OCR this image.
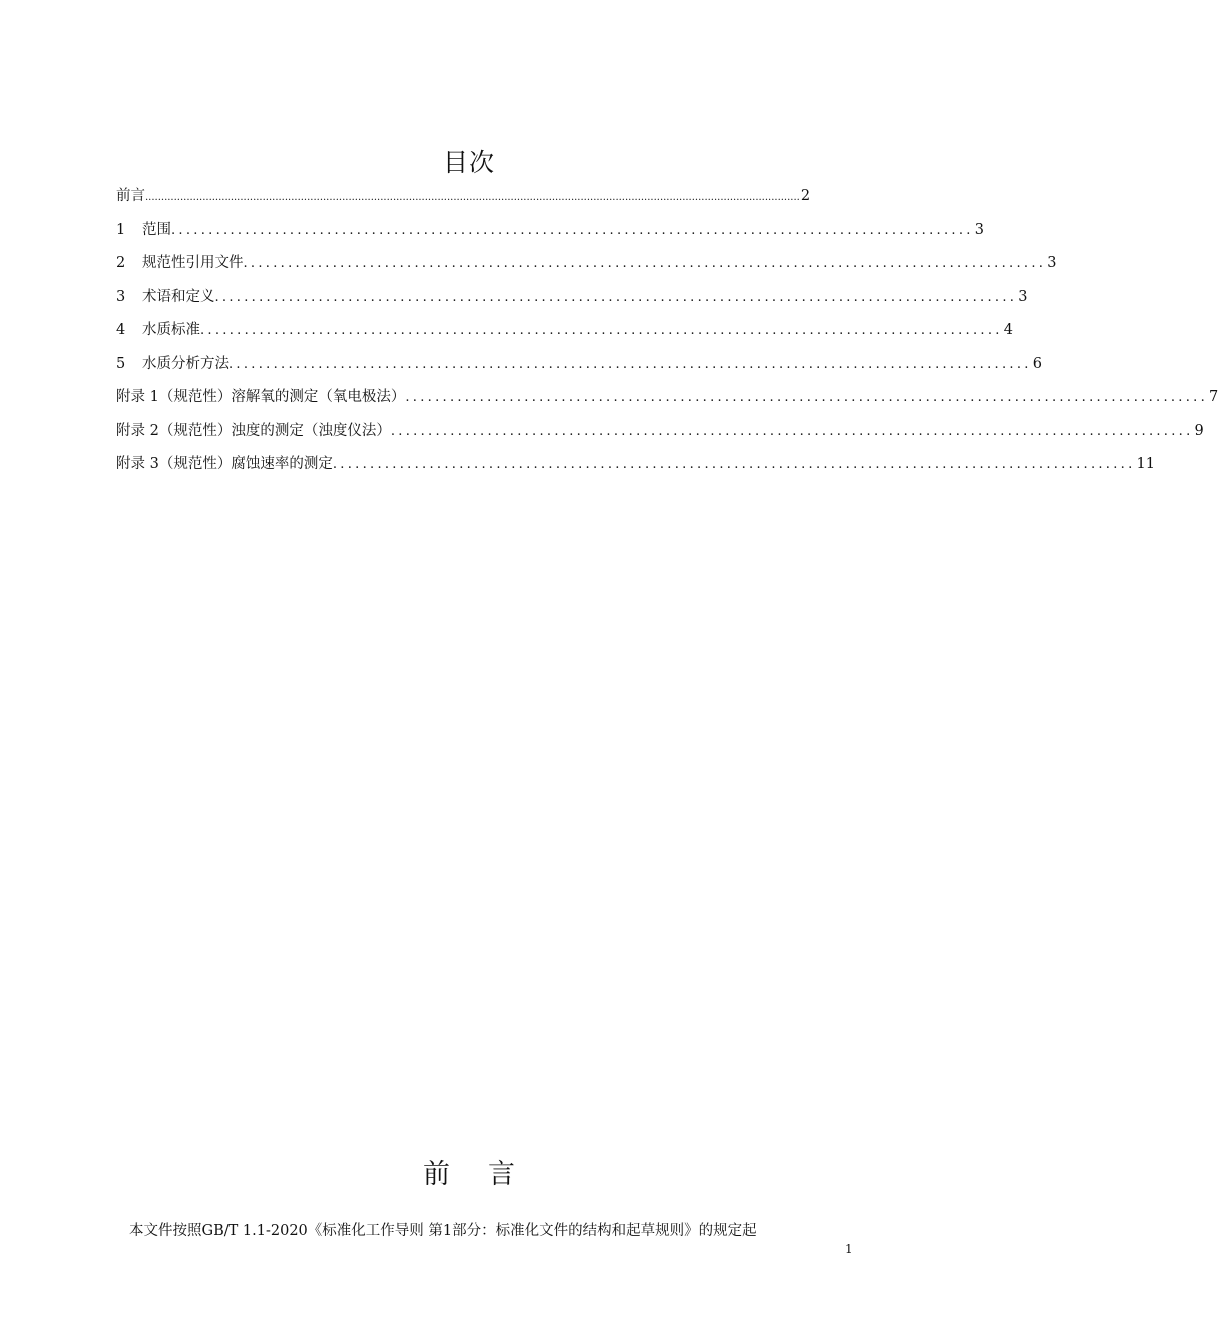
目次
前言 .............................................................................................................................................................................................................. 2
1	范围 ............................................................................................................ 3
2	规范性引用文件 ............................................................................................................ 3
3	术语和定义 ............................................................................................................ 3
4	水质标准 ............................................................................................................ 4
5	水质分析方法 ............................................................................................................ 6
附录 1（规范性）溶解氧的测定（氧电极法） ............................................................................................................ 7
附录 2（规范性）浊度的测定（浊度仪法） ............................................................................................................ 9
附录 3（规范性）腐蚀速率的测定 ............................................................................................................ 11
前言
本文件按照GB/T 1.1-2020《标准化工作导则 第1部分：标准化文件的结构和起草规则》的规定起
1
